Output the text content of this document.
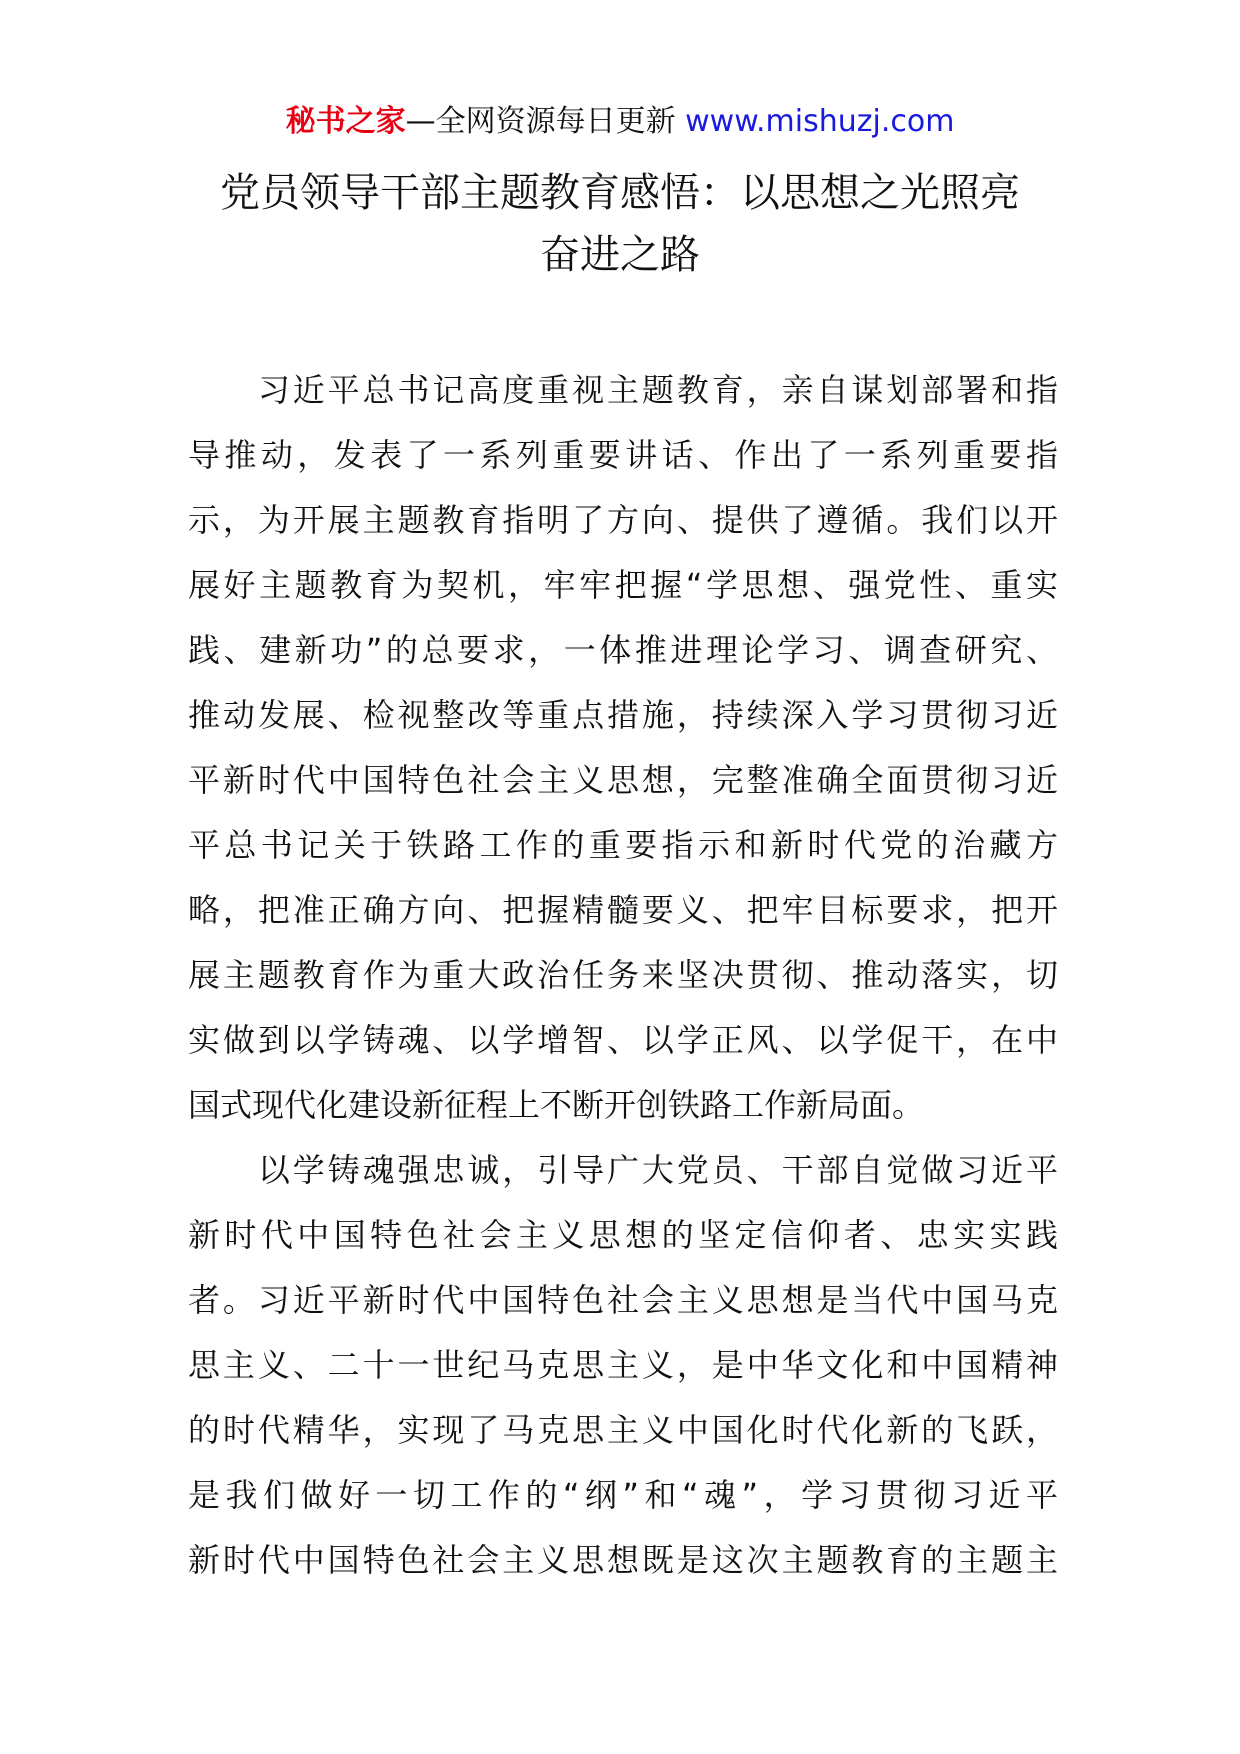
秘书之家—全网资源每日更新 www.mishuzj.com
党员领导干部主题教育感悟：以思想之光照亮
奋进之路

　　习近平总书记高度重视主题教育，亲自谋划部署和指
导推动，发表了一系列重要讲话、作出了一系列重要指
示，为开展主题教育指明了方向、提供了遵循。我们以开
展好主题教育为契机，牢牢把握“学思想、强党性、重实
践、建新功”的总要求，一体推进理论学习、调查研究、
推动发展、检视整改等重点措施，持续深入学习贯彻习近
平新时代中国特色社会主义思想，完整准确全面贯彻习近
平总书记关于铁路工作的重要指示和新时代党的治藏方
略，把准正确方向、把握精髓要义、把牢目标要求，把开
展主题教育作为重大政治任务来坚决贯彻、推动落实，切
实做到以学铸魂、以学增智、以学正风、以学促干，在中
国式现代化建设新征程上不断开创铁路工作新局面。

　　以学铸魂强忠诚，引导广大党员、干部自觉做习近平
新时代中国特色社会主义思想的坚定信仰者、忠实实践
者。习近平新时代中国特色社会主义思想是当代中国马克
思主义、二十一世纪马克思主义，是中华文化和中国精神
的时代精华，实现了马克思主义中国化时代化新的飞跃，
是我们做好一切工作的“纲”和“魂”，学习贯彻习近平
新时代中国特色社会主义思想既是这次主题教育的主题主
